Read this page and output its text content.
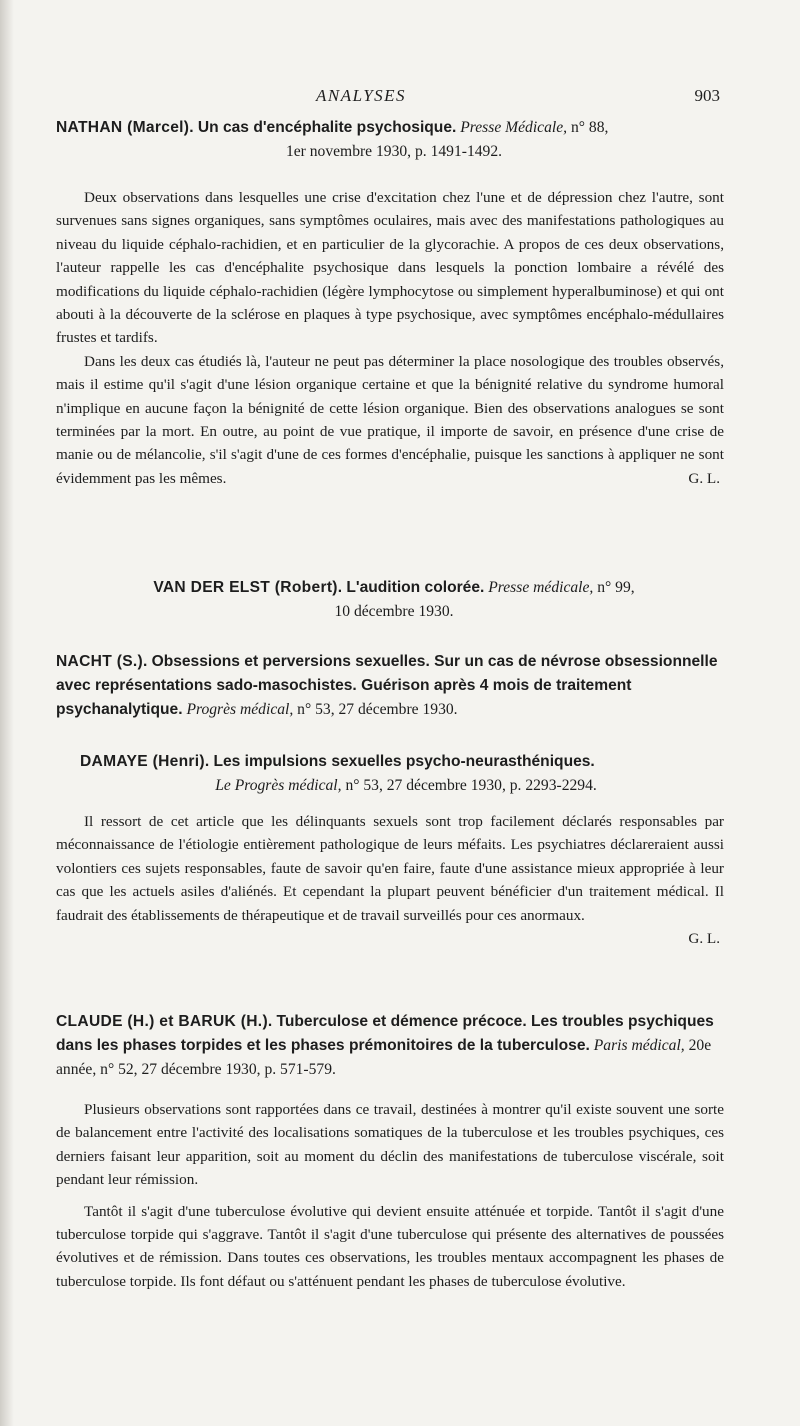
ANALYSES	903
NATHAN (Marcel). Un cas d'encéphalite psychosique. Presse Médicale, n° 88,
1er novembre 1930, p. 1491-1492.

Deux observations dans lesquelles une crise d'excitation chez l'une et de dépression chez l'autre, sont survenues sans signes organiques, sans symptômes oculaires, mais avec des manifestations pathologiques au niveau du liquide céphalo-rachidien, et en particulier de la glycorachie. A propos de ces deux observations, l'auteur rappelle les cas d'encéphalite psychosique dans lesquels la ponction lombaire a révélé des modifications du liquide céphalo-rachidien (légère lymphocytose ou simplement hyperalbuminose) et qui ont abouti à la découverte de la sclérose en plaques à type psychosique, avec symptômes encéphalo-médullaires frustes et tardifs.

Dans les deux cas étudiés là, l'auteur ne peut pas déterminer la place nosologique des troubles observés, mais il estime qu'il s'agit d'une lésion organique certaine et que la bénignité relative du syndrome humoral n'implique en aucune façon la bénignité de cette lésion organique. Bien des observations analogues se sont terminées par la mort. En outre, au point de vue pratique, il importe de savoir, en présence d'une crise de manie ou de mélancolie, s'il s'agit d'une de ces formes d'encéphalie, puisque les sanctions à appliquer ne sont évidemment pas les mêmes.	G. L.

VAN DER ELST (Robert). L'audition colorée. Presse médicale, n° 99,
10 décembre 1930.
NACHT (S.). Obsessions et perversions sexuelles. Sur un cas de névrose obsessionnelle avec représentations sado-masochistes. Guérison après 4 mois de traitement psychanalytique. Progrès médical, n° 53, 27 décembre 1930.
DAMAYE (Henri). Les impulsions sexuelles psycho-neurasthéniques.
Le Progrès médical, n° 53, 27 décembre 1930, p. 2293-2294.

Il ressort de cet article que les délinquants sexuels sont trop facilement déclarés responsables par méconnaissance de l'étiologie entièrement pathologique de leurs méfaits. Les psychiatres déclareraient aussi volontiers ces sujets responsables, faute de savoir qu'en faire, faute d'une assistance mieux appropriée à leur cas que les actuels asiles d'aliénés. Et cependant la plupart peuvent bénéficier d'un traitement médical. Il faudrait des établissements de thérapeutique et de travail surveillés pour ces anormaux.

G. L.
CLAUDE (H.) et BARUK (H.). Tuberculose et démence précoce. Les troubles psychiques dans les phases torpides et les phases prémonitoires de la tuberculose. Paris médical, 20e année, n° 52, 27 décembre 1930, p. 571-579.

Plusieurs observations sont rapportées dans ce travail, destinées à montrer qu'il existe souvent une sorte de balancement entre l'activité des localisations somatiques de la tuberculose et les troubles psychiques, ces derniers faisant leur apparition, soit au moment du déclin des manifestations de tuberculose viscérale, soit pendant leur rémission.

Tantôt il s'agit d'une tuberculose évolutive qui devient ensuite atténuée et torpide. Tantôt il s'agit d'une tuberculose torpide qui s'aggrave. Tantôt il s'agit d'une tuberculose qui présente des alternatives de poussées évolutives et de rémission. Dans toutes ces observations, les troubles mentaux accompagnent les phases de tuberculose torpide. Ils font défaut ou s'atténuent pendant les phases de tuberculose évolutive.
